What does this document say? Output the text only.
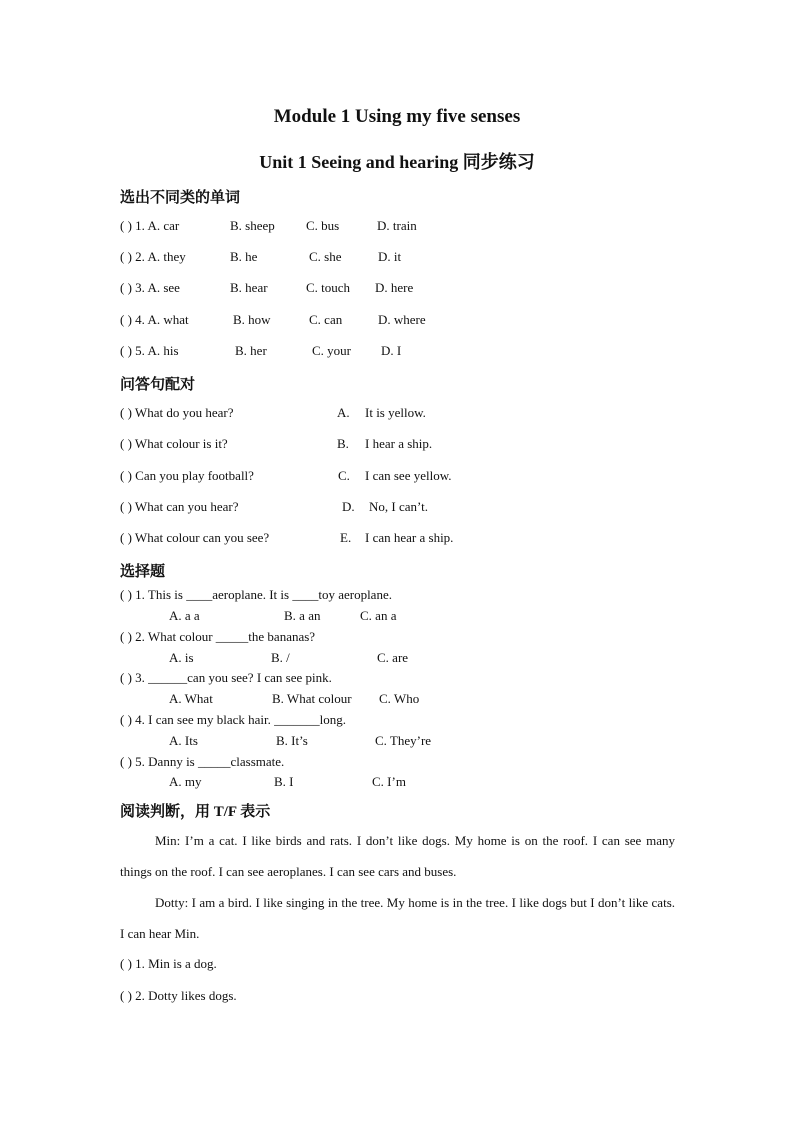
Module 1 Using my five senses
Unit 1 Seeing and hearing 同步练习
选出不同类的单词
( ) 1. A. car	B. sheep C. bus	D. train
( ) 2. A. they	B. he	C. she	D. it
( ) 3. A. see	B. hear	C. touch D. here
( ) 4. A. what	B. how	C. can	D. where
( ) 5. A. his	B. her	C. your D. I
问答句配对
( ) What do you hear?	A. It is yellow.
( ) What colour is it?	B. I hear a ship.
( ) Can you play football?	C. I can see yellow.
( ) What can you hear?	D. No, I can’t.
( ) What colour can you see?	E. I can hear a ship.
选择题
( ) 1. This is ____aeroplane. It is ____toy aeroplane.
A. a a	B. a an	C. an a
( ) 2. What colour _____the bananas?
A. is	B. /	C. are
( ) 3. ______can you see? I can see pink.
A. What	B. What colour C. Who
( ) 4. I can see my black hair. _______long.
A. Its	B. It’s	C. They’re
( ) 5. Danny is _____classmate.
A. my	B. I	C. I’m
阅读判断，用 T/F 表示

Min: I’m a cat. I like birds and rats. I don’t like dogs. My home is on the roof. I can see many things on the roof. I can see aeroplanes. I can see cars and buses.

Dotty: I am a bird. I like singing in the tree. My home is in the tree. I like dogs but I don’t like cats. I can hear Min.

( ) 1. Min is a dog.
( ) 2. Dotty likes dogs.
